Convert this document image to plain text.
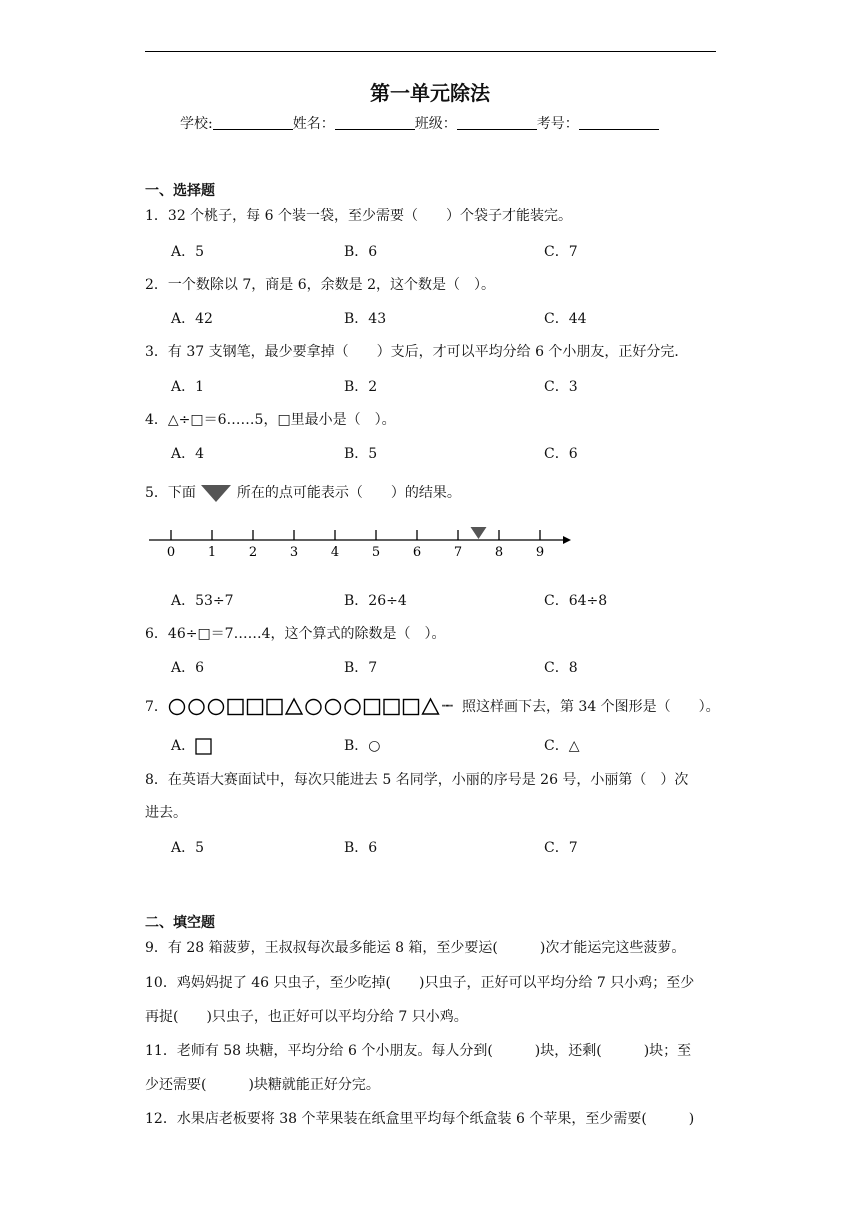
第一单元除法
学校:	姓名：	班级：	考号：
一、选择题
1．32 个桃子，每 6 个装一袋，至少需要（　　）个袋子才能装完。
A．5	B．6	C．7
2．一个数除以 7，商是 6，余数是 2，这个数是（　）。
A．42	B．43	C．44
3．有 37 支钢笔，最少要拿掉（　　）支后，才可以平均分给 6 个小朋友，正好分完．
A．1	B．2	C．3
4．△÷□＝6……5，□里最小是（　）。
A．4	B．5	C．6
5．下面	所在的点可能表示（　　）的结果。
0	1	2	3	4	5	6	7	8	9
A．53÷7	B．26÷4	C．64÷8
6．46÷□＝7……4，这个算式的除数是（　）。
A．6	B．7	C．8
7．	┅┅ 照这样画下去，第 34 个图形是（　　）。
A．	B．○	C．△
8．在英语大赛面试中，每次只能进去 5 名同学，小丽的序号是 26 号，小丽第（　）次
进去。
A．5	B．6	C．7
二、填空题
9．有 28 箱菠萝，王叔叔每次最多能运 8 箱，至少要运(　　　)次才能运完这些菠萝。
10．鸡妈妈捉了 46 只虫子，至少吃掉(　　)只虫子，正好可以平均分给 7 只小鸡；至少
再捉(　　)只虫子，也正好可以平均分给 7 只小鸡。
11．老师有 58 块糖，平均分给 6 个小朋友。每人分到(　　　)块，还剩(　　　)块；至
少还需要(　　　)块糖就能正好分完。
12．水果店老板要将 38 个苹果装在纸盒里平均每个纸盒装 6 个苹果，至少需要(　　　)
